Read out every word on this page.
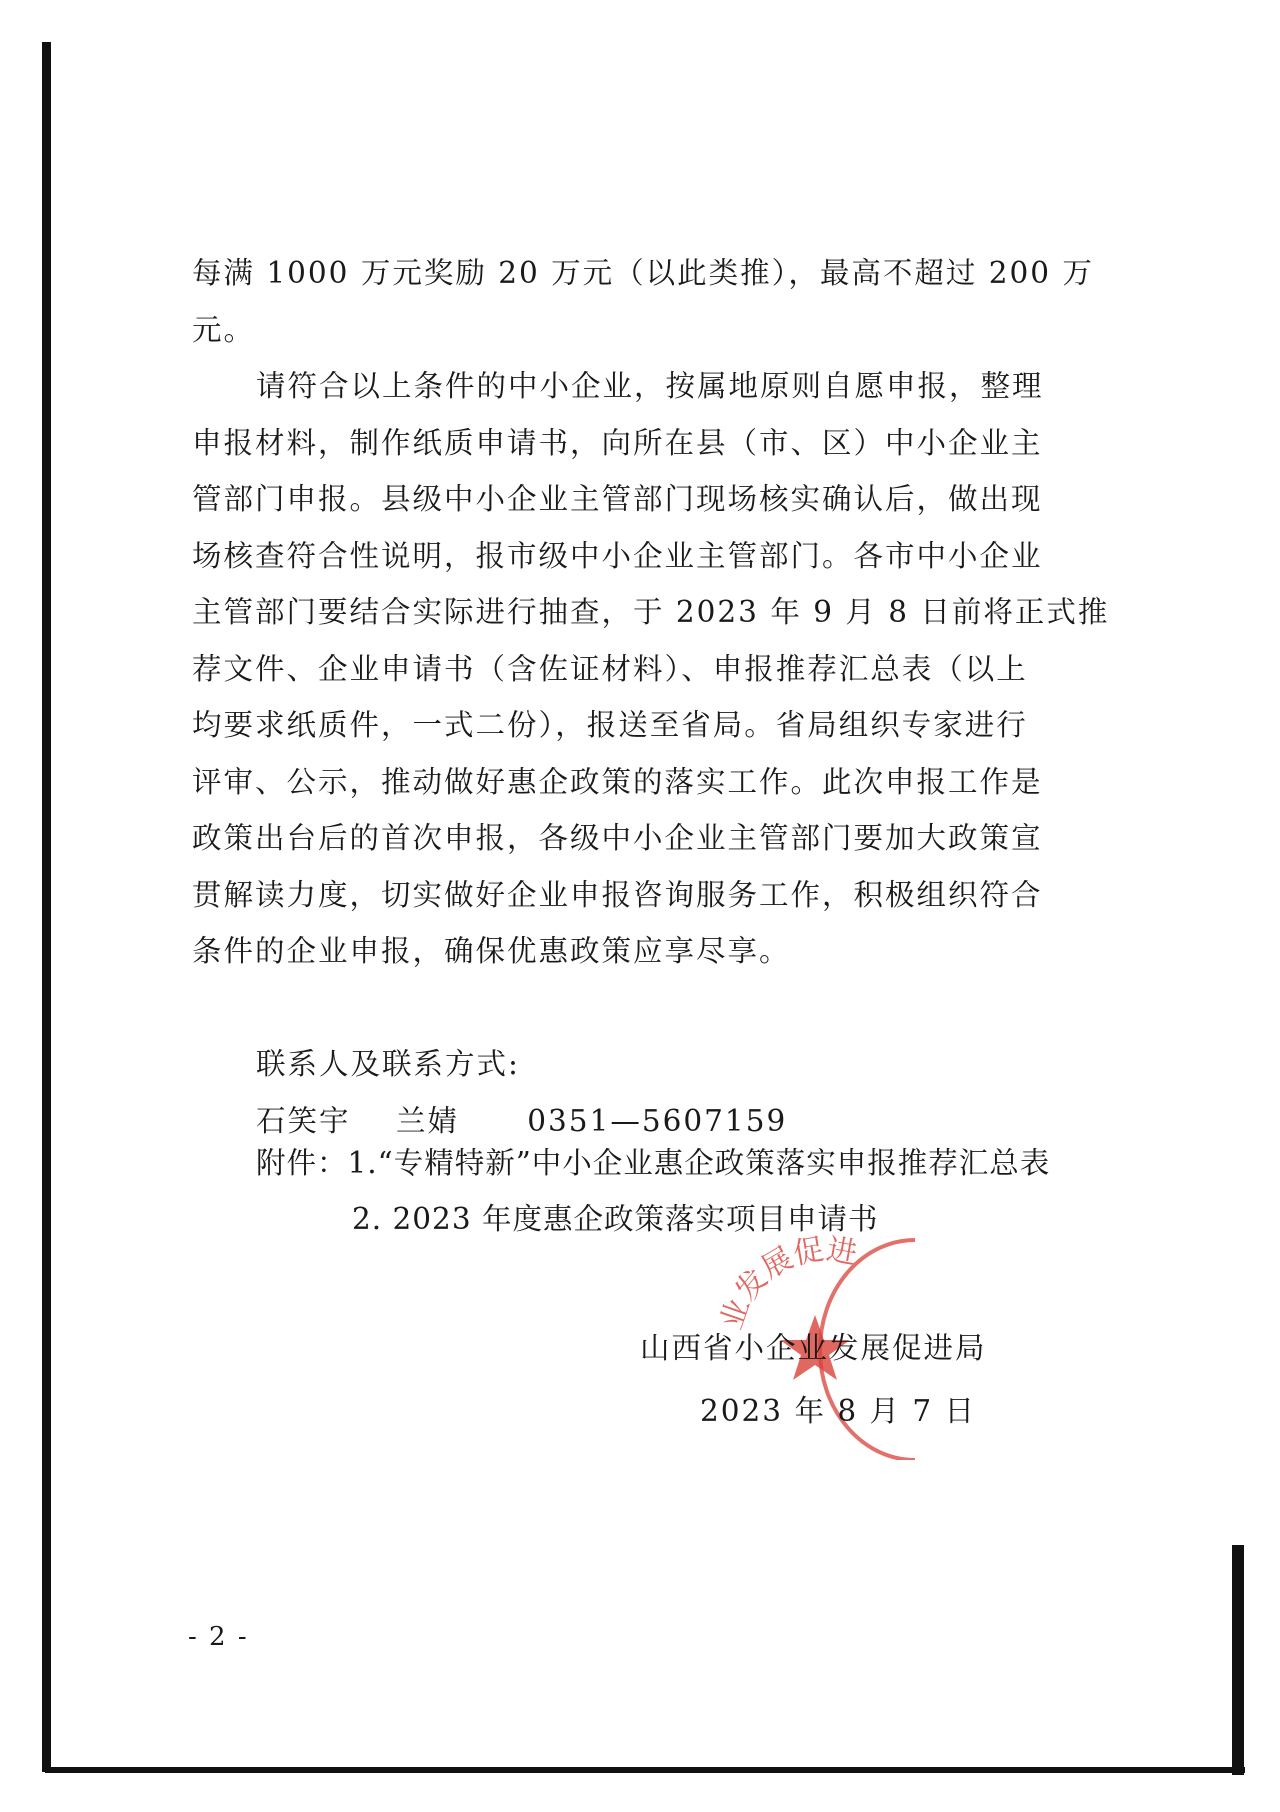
每满 1000 万元奖励 20 万元（以此类推），最高不超过 200 万
元。
请符合以上条件的中小企业，按属地原则自愿申报，整理
申报材料，制作纸质申请书，向所在县（市、区）中小企业主
管部门申报。县级中小企业主管部门现场核实确认后，做出现
场核查符合性说明，报市级中小企业主管部门。各市中小企业
主管部门要结合实际进行抽查，于 2023 年 9 月 8 日前将正式推
荐文件、企业申请书（含佐证材料）、申报推荐汇总表（以上
均要求纸质件，一式二份），报送至省局。省局组织专家进行
评审、公示，推动做好惠企政策的落实工作。此次申报工作是
政策出台后的首次申报，各级中小企业主管部门要加大政策宣
贯解读力度，切实做好企业申报咨询服务工作，积极组织符合
条件的企业申报，确保优惠政策应享尽享。
联系人及联系方式:
石笑宇    兰婧      0351—5607159
附件：1.“专精特新”中小企业惠企政策落实申报推荐汇总表
2. 2023 年度惠企政策落实项目申请书
发展促进
山西省小企业发展促进局
2023 年 8 月 7 日
- 2 -
